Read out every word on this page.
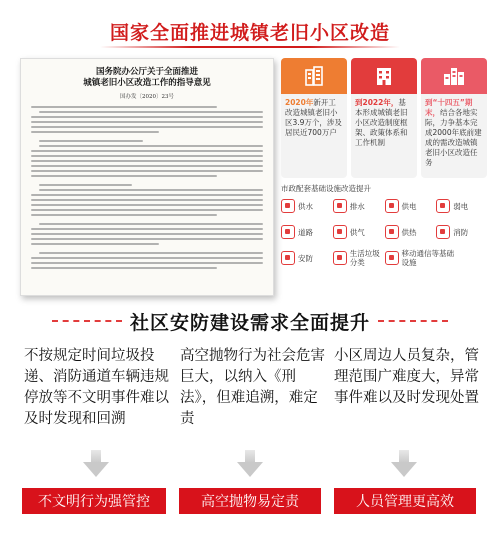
国家全面推进城镇老旧小区改造
国务院办公厅关于全面推进
城镇老旧小区改造工作的指导意见
国办发〔2020〕23号
2020年新开工改造城镇老旧小区3.9万个，涉及居民近700万户
到2022年，基本形成城镇老旧小区改造制度框架、政策体系和工作机制
到“十四五”期末，结合各地实际，力争基本完成2000年底前建成的需改造城镇老旧小区改造任务
市政配套基础设施改造提升
供水	排水	供电	弱电
道路	供气	供热	消防
安防	生活垃圾分类
移动通信等基础设施
社区安防建设需求全面提升
不按规定时间垃圾投递、消防通道车辆违规停放等不文明事件难以及时发现和回溯
高空抛物行为社会危害巨大，以纳入《刑法》，但难追溯，难定责
小区周边人员复杂，管理范围广难度大，异常事件难以及时发现处置
不文明行为强管控	高空抛物易定责	人员管理更高效
